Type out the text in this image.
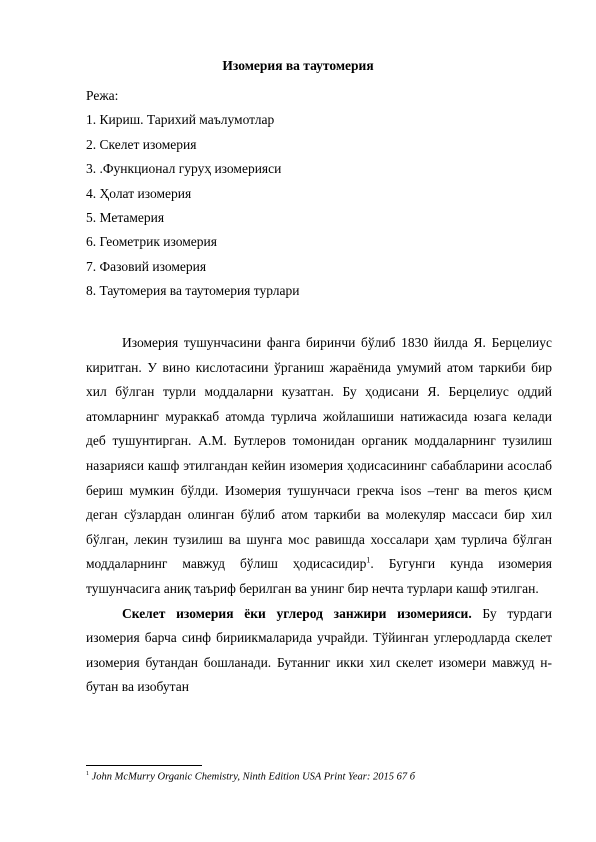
Изомерия ва таутомерия
Режа:
1. Кириш. Тарихий маълумотлар
2. Скелет изомерия
3. .Функционал гуруҳ изомерияси
4. Ҳолат изомерия
5. Метамерия
6. Геометрик изомерия
7. Фазовий изомерия
8. Таутомерия ва таутомерия турлари

Изомерия тушунчасини фанга биринчи бўлиб 1830 йилда Я. Берцелиус киритган. У вино кислотасини ўрганиш жараёнида умумий атом таркиби бир хил бўлган турли моддаларни кузатган. Бу ҳодисани Я. Берцелиус оддий атомларнинг мураккаб атомда турлича жойлашиши натижасида юзага келади деб тушунтирган. А.М. Бутлеров томонидан органик моддаларнинг тузилиш назарияси кашф этилгандан кейин изомерия ҳодисасининг сабабларини асослаб бериш мумкин бўлди. Изомерия тушунчаси грекча isos –тенг ва meros қисм деган сўзлардан олинган бўлиб атом таркиби ва молекуляр массаси бир хил бўлган, лекин тузилиш ва шунга мос равишда хоссалари ҳам турлича бўлган моддаларнинг мавжуд бўлиш ҳодисасидир$^1$. Бугунги кунда изомерия тушунчасига аниқ таъриф берилган ва унинг бир нечта турлари кашф этилган.

Скелет изомерия ёки углерод занжири изомерияси. Бу турдаги изомерия барча синф бириикмаларида учрайди. Тўйинган углеродларда скелет изомерия бутандан бошланади. Бутанниг икки хил скелет изомери мавжуд н-бутан ва изобутан

$^1$ John McMurry Organic Chemistry, Ninth Edition USA Print Year: 2015 67 б
